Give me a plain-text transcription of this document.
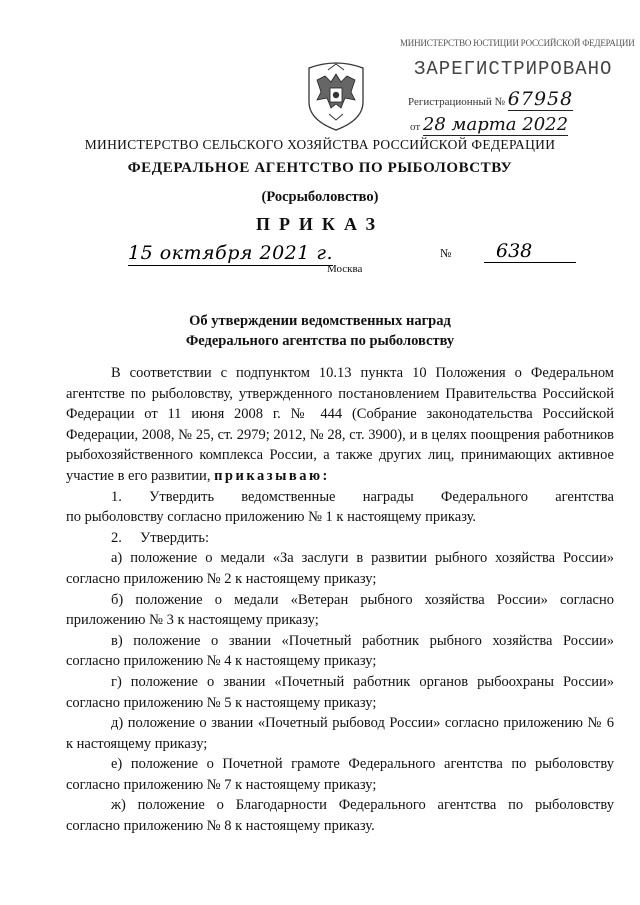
МИНИСТЕРСТВО ЮСТИЦИИ РОССИЙСКОЙ ФЕДЕРАЦИИ
ЗАРЕГИСТРИРОВАНО
Регистрационный № 67958
от 28 марта 2022
МИНИСТЕРСТВО СЕЛЬСКОГО ХОЗЯЙСТВА РОССИЙСКОЙ ФЕДЕРАЦИИ
ФЕДЕРАЛЬНОЕ АГЕНТСТВО ПО РЫБОЛОВСТВУ
(Росрыболовство)
ПРИКАЗ
15 октября 2021 г.
Москва
№	638
Об утверждении ведомственных наград
Федерального агентства по рыболовству

В соответствии с подпунктом 10.13 пункта 10 Положения о Федеральном агентстве по рыболовству, утвержденного постановлением Правительства Российской Федерации от 11 июня 2008 г. № 444 (Собрание законодательства Российской Федерации, 2008, № 25, ст. 2979; 2012, № 28, ст. 3900), и в целях поощрения работников рыбохозяйственного комплекса России, а также других лиц, принимающих активное участие в его развитии, приказываю:

1. Утвердить ведомственные награды Федерального агентства

по рыболовству согласно приложению № 1 к настоящему приказу.

2.     Утвердить:

а) положение о медали «За заслуги в развитии рыбного хозяйства России» согласно приложению № 2 к настоящему приказу;

б) положение о медали «Ветеран рыбного хозяйства России» согласно приложению № 3 к настоящему приказу;

в) положение о звании «Почетный работник рыбного хозяйства России» согласно приложению № 4 к настоящему приказу;

г) положение о звании «Почетный работник органов рыбоохраны России» согласно приложению № 5 к настоящему приказу;

д) положение о звании «Почетный рыбовод России» согласно приложению № 6 к настоящему приказу;

е) положение о Почетной грамоте Федерального агентства по рыболовству согласно приложению № 7 к настоящему приказу;

ж) положение о Благодарности Федерального агентства по рыболовству согласно приложению № 8 к настоящему приказу.
